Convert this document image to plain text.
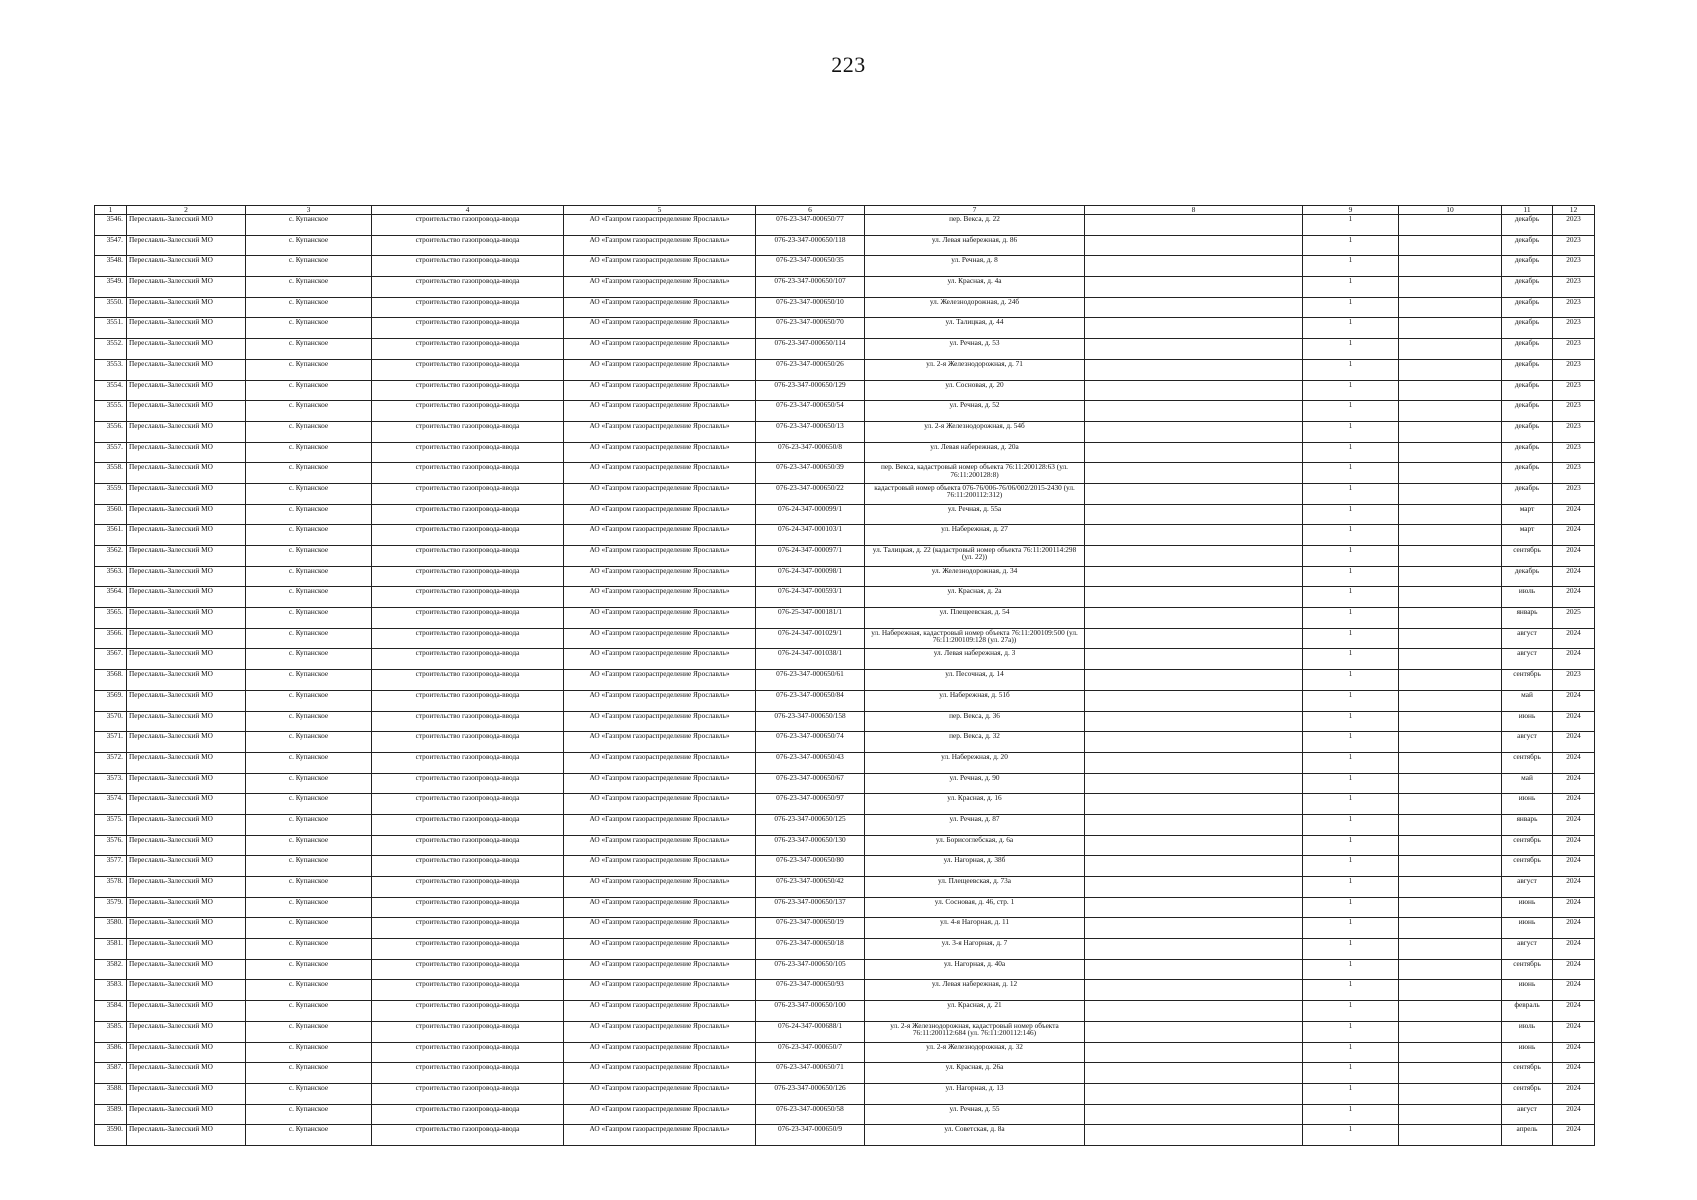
223
1	2	3	4	5	6	7	8	9	10	11	12
3546.	Переславль-Залесский МО	с. Купанское	строительство газопровода-ввода	АО «Газпром газораспределение Ярославль»	076-23-347-000650/77	пер. Векса, д. 22		1		декабрь	2023
3547.	Переславль-Залесский МО	с. Купанское	строительство газопровода-ввода	АО «Газпром газораспределение Ярославль»	076-23-347-000650/118	ул. Левая набережная, д. 86		1		декабрь	2023
3548.	Переславль-Залесский МО	с. Купанское	строительство газопровода-ввода	АО «Газпром газораспределение Ярославль»	076-23-347-000650/35	ул. Речная, д. 8		1		декабрь	2023
3549.	Переславль-Залесский МО	с. Купанское	строительство газопровода-ввода	АО «Газпром газораспределение Ярославль»	076-23-347-000650/107	ул. Красная, д. 4а		1		декабрь	2023
3550.	Переславль-Залесский МО	с. Купанское	строительство газопровода-ввода	АО «Газпром газораспределение Ярославль»	076-23-347-000650/10	ул. Железнодорожная, д. 24б		1		декабрь	2023
3551.	Переславль-Залесский МО	с. Купанское	строительство газопровода-ввода	АО «Газпром газораспределение Ярославль»	076-23-347-000650/70	ул. Талицкая, д. 44		1		декабрь	2023
3552.	Переславль-Залесский МО	с. Купанское	строительство газопровода-ввода	АО «Газпром газораспределение Ярославль»	076-23-347-000650/114	ул. Речная, д. 53		1		декабрь	2023
3553.	Переславль-Залесский МО	с. Купанское	строительство газопровода-ввода	АО «Газпром газораспределение Ярославль»	076-23-347-000650/26	ул. 2-я Железнодорожная, д. 71		1		декабрь	2023
3554.	Переславль-Залесский МО	с. Купанское	строительство газопровода-ввода	АО «Газпром газораспределение Ярославль»	076-23-347-000650/129	ул. Сосновая, д. 20		1		декабрь	2023
3555.	Переславль-Залесский МО	с. Купанское	строительство газопровода-ввода	АО «Газпром газораспределение Ярославль»	076-23-347-000650/54	ул. Речная, д. 52		1		декабрь	2023
3556.	Переславль-Залесский МО	с. Купанское	строительство газопровода-ввода	АО «Газпром газораспределение Ярославль»	076-23-347-000650/13	ул. 2-я Железнодорожная, д. 54б		1		декабрь	2023
3557.	Переславль-Залесский МО	с. Купанское	строительство газопровода-ввода	АО «Газпром газораспределение Ярославль»	076-23-347-000650/8	ул. Левая набережная, д. 20а		1		декабрь	2023
3558.	Переславль-Залесский МО	с. Купанское	строительство газопровода-ввода	АО «Газпром газораспределение Ярославль»	076-23-347-000650/39	пер. Векса, кадастровый номер объекта 76:11:200128:63 (ул. 76:11:200128:8)		1		декабрь	2023
3559.	Переславль-Залесский МО	с. Купанское	строительство газопровода-ввода	АО «Газпром газораспределение Ярославль»	076-23-347-000650/22	кадастровый номер объекта 076-76/006-76/06/002/2015-2430 (ул. 76:11:200112:312)		1		декабрь	2023
3560.	Переславль-Залесский МО	с. Купанское	строительство газопровода-ввода	АО «Газпром газораспределение Ярославль»	076-24-347-000099/1	ул. Речная, д. 55а		1		март	2024
3561.	Переславль-Залесский МО	с. Купанское	строительство газопровода-ввода	АО «Газпром газораспределение Ярославль»	076-24-347-000103/1	ул. Набережная, д. 27		1		март	2024
3562.	Переславль-Залесский МО	с. Купанское	строительство газопровода-ввода	АО «Газпром газораспределение Ярославль»	076-24-347-000097/1	ул. Талицкая, д. 22 (кадастровый номер объекта 76:11:200114:298 (ул. 22))		1		сентябрь	2024
3563.	Переславль-Залесский МО	с. Купанское	строительство газопровода-ввода	АО «Газпром газораспределение Ярославль»	076-24-347-000098/1	ул. Железнодорожная, д. 34		1		декабрь	2024
3564.	Переславль-Залесский МО	с. Купанское	строительство газопровода-ввода	АО «Газпром газораспределение Ярославль»	076-24-347-000593/1	ул. Красная, д. 2а		1		июль	2024
3565.	Переславль-Залесский МО	с. Купанское	строительство газопровода-ввода	АО «Газпром газораспределение Ярославль»	076-25-347-000181/1	ул. Плещеевская, д. 54		1		январь	2025
3566.	Переславль-Залесский МО	с. Купанское	строительство газопровода-ввода	АО «Газпром газораспределение Ярославль»	076-24-347-001029/1	ул. Набережная, кадастровый номер объекта 76:11:200109:500 (ул. 76:11:200109:128 (ул. 27а))		1		август	2024
3567.	Переславль-Залесский МО	с. Купанское	строительство газопровода-ввода	АО «Газпром газораспределение Ярославль»	076-24-347-001038/1	ул. Левая набережная, д. 3		1		август	2024
3568.	Переславль-Залесский МО	с. Купанское	строительство газопровода-ввода	АО «Газпром газораспределение Ярославль»	076-23-347-000650/61	ул. Песочная, д. 14		1		сентябрь	2023
3569.	Переславль-Залесский МО	с. Купанское	строительство газопровода-ввода	АО «Газпром газораспределение Ярославль»	076-23-347-000650/84	ул. Набережная, д. 51б		1		май	2024
3570.	Переславль-Залесский МО	с. Купанское	строительство газопровода-ввода	АО «Газпром газораспределение Ярославль»	076-23-347-000650/158	пер. Векса, д. 36		1		июнь	2024
3571.	Переславль-Залесский МО	с. Купанское	строительство газопровода-ввода	АО «Газпром газораспределение Ярославль»	076-23-347-000650/74	пер. Векса, д. 32		1		август	2024
3572.	Переславль-Залесский МО	с. Купанское	строительство газопровода-ввода	АО «Газпром газораспределение Ярославль»	076-23-347-000650/43	ул. Набережная, д. 20		1		сентябрь	2024
3573.	Переславль-Залесский МО	с. Купанское	строительство газопровода-ввода	АО «Газпром газораспределение Ярославль»	076-23-347-000650/67	ул. Речная, д. 90		1		май	2024
3574.	Переславль-Залесский МО	с. Купанское	строительство газопровода-ввода	АО «Газпром газораспределение Ярославль»	076-23-347-000650/97	ул. Красная, д. 16		1		июнь	2024
3575.	Переславль-Залесский МО	с. Купанское	строительство газопровода-ввода	АО «Газпром газораспределение Ярославль»	076-23-347-000650/125	ул. Речная, д. 87		1		январь	2024
3576.	Переславль-Залесский МО	с. Купанское	строительство газопровода-ввода	АО «Газпром газораспределение Ярославль»	076-23-347-000650/130	ул. Борисоглебская, д. 6а		1		сентябрь	2024
3577.	Переславль-Залесский МО	с. Купанское	строительство газопровода-ввода	АО «Газпром газораспределение Ярославль»	076-23-347-000650/80	ул. Нагорная, д. 38б		1		сентябрь	2024
3578.	Переславль-Залесский МО	с. Купанское	строительство газопровода-ввода	АО «Газпром газораспределение Ярославль»	076-23-347-000650/42	ул. Плещеевская, д. 73а		1		август	2024
3579.	Переславль-Залесский МО	с. Купанское	строительство газопровода-ввода	АО «Газпром газораспределение Ярославль»	076-23-347-000650/137	ул. Сосновая, д. 46, стр. 1		1		июнь	2024
3580.	Переславль-Залесский МО	с. Купанское	строительство газопровода-ввода	АО «Газпром газораспределение Ярославль»	076-23-347-000650/19	ул. 4-я Нагорная, д. 11		1		июнь	2024
3581.	Переславль-Залесский МО	с. Купанское	строительство газопровода-ввода	АО «Газпром газораспределение Ярославль»	076-23-347-000650/18	ул. 3-я Нагорная, д. 7		1		август	2024
3582.	Переславль-Залесский МО	с. Купанское	строительство газопровода-ввода	АО «Газпром газораспределение Ярославль»	076-23-347-000650/105	ул. Нагорная, д. 40а		1		сентябрь	2024
3583.	Переславль-Залесский МО	с. Купанское	строительство газопровода-ввода	АО «Газпром газораспределение Ярославль»	076-23-347-000650/93	ул. Левая набережная, д. 12		1		июнь	2024
3584.	Переславль-Залесский МО	с. Купанское	строительство газопровода-ввода	АО «Газпром газораспределение Ярославль»	076-23-347-000650/100	ул. Красная, д. 21		1		февраль	2024
3585.	Переславль-Залесский МО	с. Купанское	строительство газопровода-ввода	АО «Газпром газораспределение Ярославль»	076-24-347-000688/1	ул. 2-я Железнодорожная, кадастровый номер объекта 76:11:200112:684 (ул. 76:11:200112:146)		1		июль	2024
3586.	Переславль-Залесский МО	с. Купанское	строительство газопровода-ввода	АО «Газпром газораспределение Ярославль»	076-23-347-000650/7	ул. 2-я Железнодорожная, д. 32		1		июнь	2024
3587.	Переславль-Залесский МО	с. Купанское	строительство газопровода-ввода	АО «Газпром газораспределение Ярославль»	076-23-347-000650/71	ул. Красная, д. 26а		1		сентябрь	2024
3588.	Переславль-Залесский МО	с. Купанское	строительство газопровода-ввода	АО «Газпром газораспределение Ярославль»	076-23-347-000650/126	ул. Нагорная, д. 13		1		сентябрь	2024
3589.	Переславль-Залесский МО	с. Купанское	строительство газопровода-ввода	АО «Газпром газораспределение Ярославль»	076-23-347-000650/58	ул. Речная, д. 55		1		август	2024
3590.	Переславль-Залесский МО	с. Купанское	строительство газопровода-ввода	АО «Газпром газораспределение Ярославль»	076-23-347-000650/9	ул. Советская, д. 8а		1		апрель	2024
